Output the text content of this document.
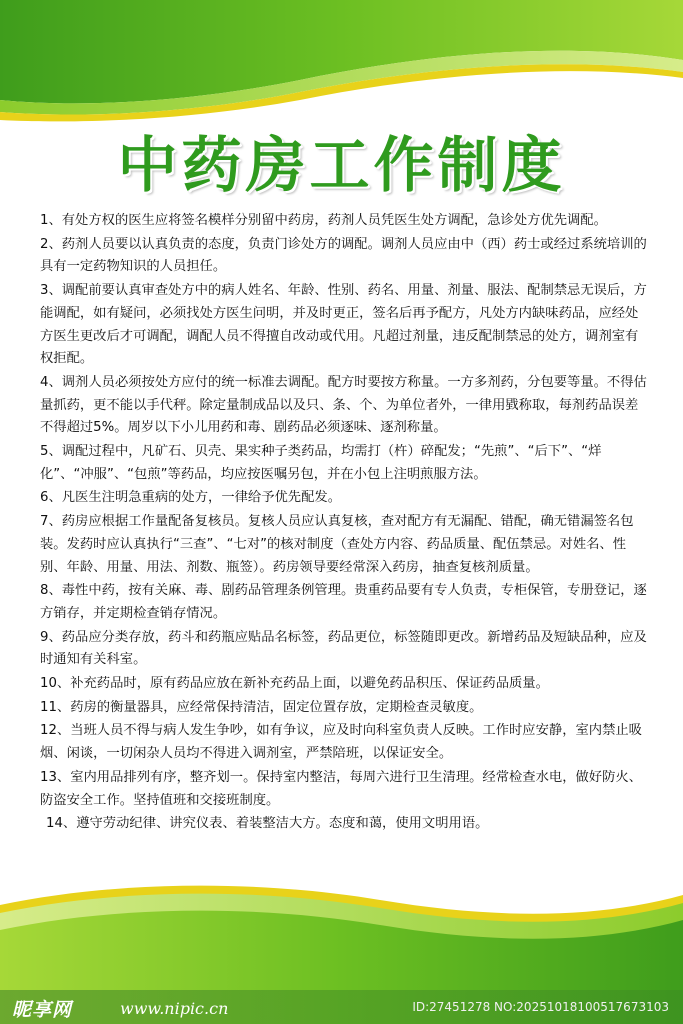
中药房工作制度

1、有处方权的医生应将签名模样分别留中药房，药剂人员凭医生处方调配，急诊处方优先调配。

2、药剂人员要以认真负责的态度，负责门诊处方的调配。调剂人员应由中（西）药士或经过系统培训的具有一定药物知识的人员担任。

3、调配前要认真审查处方中的病人姓名、年龄、性别、药名、用量、剂量、服法、配制禁忌无误后，方能调配，如有疑问，必须找处方医生问明，并及时更正，签名后再予配方，凡处方内缺味药品，应经处方医生更改后才可调配，调配人员不得擅自改动或代用。凡超过剂量，违反配制禁忌的处方，调剂室有权拒配。

4、调剂人员必须按处方应付的统一标准去调配。配方时要按方称量。一方多剂药，分包要等量。不得估量抓药，更不能以手代秤。除定量制成品以及只、条、个、为单位者外，一律用戥称取，每剂药品误差不得超过5%。周岁以下小儿用药和毒、剧药品必须逐味、逐剂称量。

5、调配过程中，凡矿石、贝壳、果实种子类药品，均需打（杵）碎配发；“先煎”、“后下”、“烊化”、“冲服”、“包煎”等药品，均应按医嘱另包，并在小包上注明煎服方法。

6、凡医生注明急重病的处方，一律给予优先配发。

7、药房应根据工作量配备复核员。复核人员应认真复核，查对配方有无漏配、错配，确无错漏签名包装。发药时应认真执行“三查”、“七对”的核对制度（查处方内容、药品质量、配伍禁忌。对姓名、性别、年龄、用量、用法、剂数、瓶签）。药房领导要经常深入药房，抽查复核剂质量。

8、毒性中药，按有关麻、毒、剧药品管理条例管理。贵重药品要有专人负责，专柜保管，专册登记，逐方销存，并定期检查销存情况。

9、药品应分类存放，药斗和药瓶应贴品名标签，药品更位，标签随即更改。新增药品及短缺品种，应及时通知有关科室。

10、补充药品时，原有药品应放在新补充药品上面，以避免药品积压、保证药品质量。

11、药房的衡量器具，应经常保持清洁，固定位置存放，定期检查灵敏度。

12、当班人员不得与病人发生争吵，如有争议，应及时向科室负责人反映。工作时应安静，室内禁止吸烟、闲谈，一切闲杂人员均不得进入调剂室，严禁陪班，以保证安全。

13、室内用品排列有序，整齐划一。保持室内整洁，每周六进行卫生清理。经常检查水电，做好防火、防盗安全工作。坚持值班和交接班制度。

14、遵守劳动纪律、讲究仪表、着装整洁大方。态度和蔼，使用文明用语。

昵享网	www.nipic.cn	ID:27451278 NO:20251018100517673103
